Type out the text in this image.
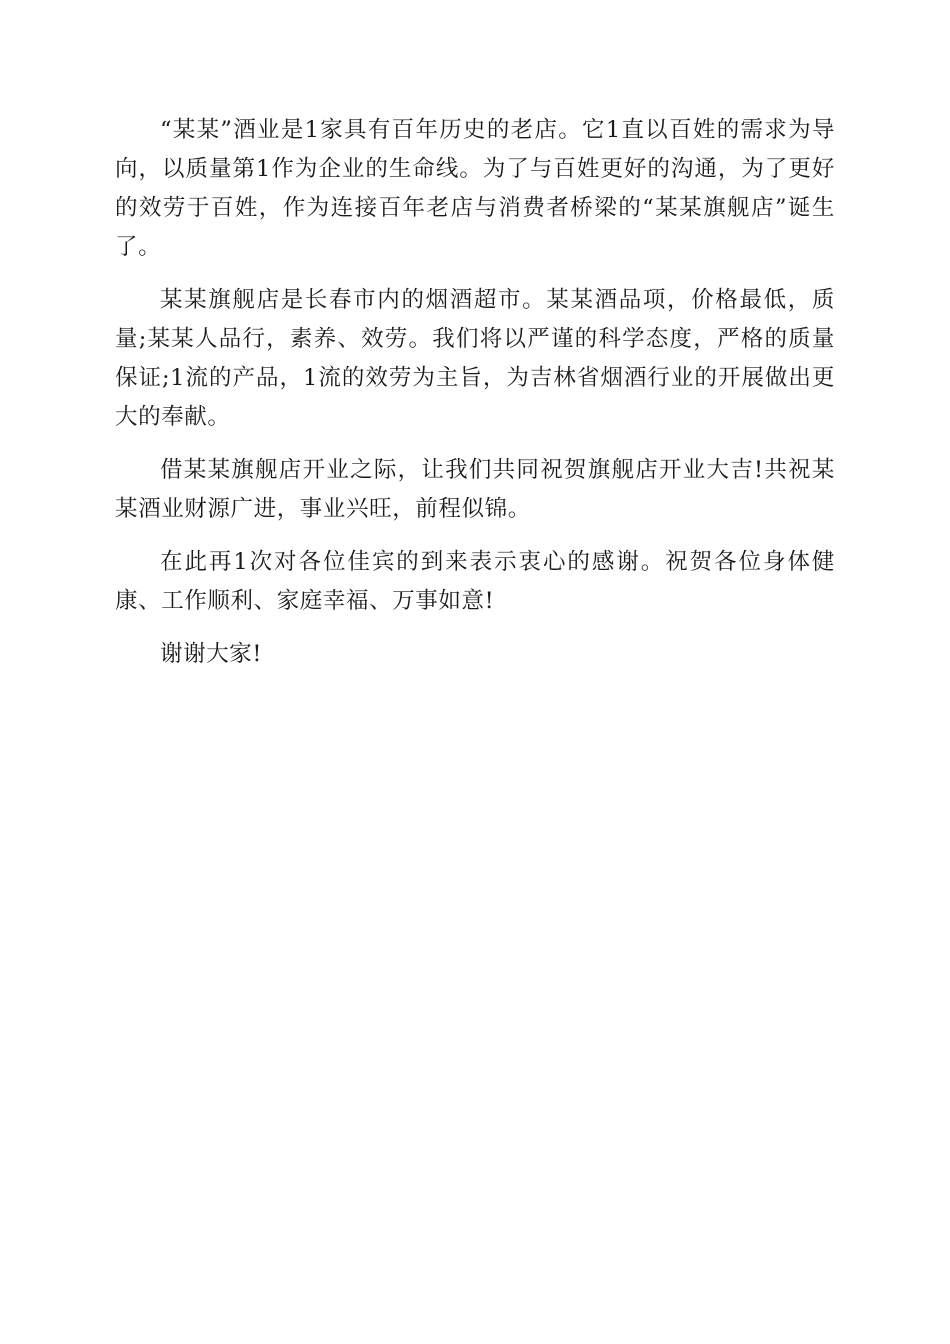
“某某”酒业是1家具有百年历史的老店。它1直以百姓的需求为导向，以质量第1作为企业的生命线。为了与百姓更好的沟通，为了更好的效劳于百姓，作为连接百年老店与消费者桥梁的“某某旗舰店”诞生了。

某某旗舰店是长春市内的烟酒超市。某某酒品项，价格最低，质量;某某人品行，素养、效劳。我们将以严谨的科学态度，严格的质量保证;1流的产品，1流的效劳为主旨，为吉林省烟酒行业的开展做出更大的奉献。

借某某旗舰店开业之际，让我们共同祝贺旗舰店开业大吉!共祝某某酒业财源广进，事业兴旺，前程似锦。

在此再1次对各位佳宾的到来表示衷心的感谢。祝贺各位身体健康、工作顺利、家庭幸福、万事如意!

谢谢大家!
